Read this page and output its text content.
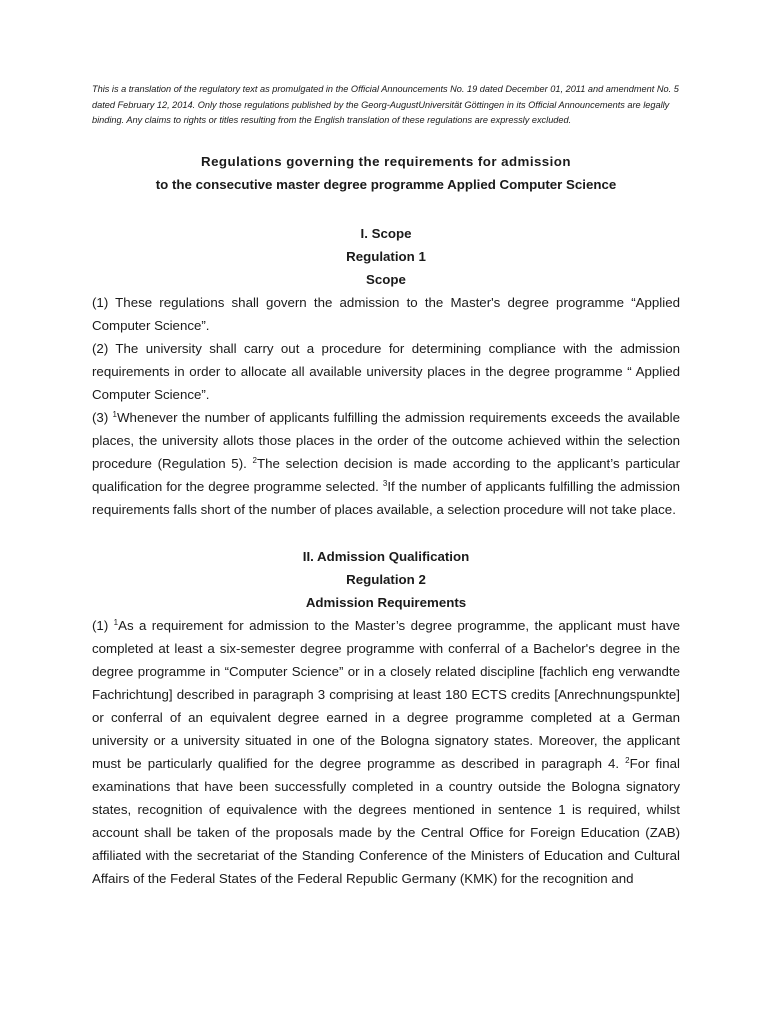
This is a translation of the regulatory text as promulgated in the Official Announcements No. 19 dated December 01, 2011 and amendment No. 5 dated February 12, 2014. Only those regulations published by the Georg-AugustUniversität Göttingen in its Official Announcements are legally binding. Any claims to rights or titles resulting from the English translation of these regulations are expressly excluded.

Regulations governing the requirements for admission

to the consecutive master degree programme Applied Computer Science

I. Scope

Regulation 1

Scope

(1) These regulations shall govern the admission to the Master's degree programme “Applied Computer Science”.

(2) The university shall carry out a procedure for determining compliance with the admission requirements in order to allocate all available university places in the degree programme “ Applied Computer Science”.

(3) $^1$Whenever the number of applicants fulfilling the admission requirements exceeds the available places, the university allots those places in the order of the outcome achieved within the selection procedure (Regulation 5). $^2$The selection decision is made according to the applicant’s particular qualification for the degree programme selected. $^3$If the number of applicants fulfilling the admission requirements falls short of the number of places available, a selection procedure will not take place.

II. Admission Qualification

Regulation 2

Admission Requirements

(1) $^1$As a requirement for admission to the Master’s degree programme, the applicant must have completed at least a six-semester degree programme with conferral of a Bachelor's degree in the degree programme in “Computer Science” or in a closely related discipline [fachlich eng verwandte Fachrichtung] described in paragraph 3 comprising at least 180 ECTS credits [Anrechnungspunkte] or conferral of an equivalent degree earned in a degree programme completed at a German university or a university situated in one of the Bologna signatory states. Moreover, the applicant must be particularly qualified for the degree programme as described in paragraph 4. $^2$For final examinations that have been successfully completed in a country outside the Bologna signatory states, recognition of equivalence with the degrees mentioned in sentence 1 is required, whilst account shall be taken of the proposals made by the Central Office for Foreign Education (ZAB) affiliated with the secretariat of the Standing Conference of the Ministers of Education and Cultural Affairs of the Federal States of the Federal Republic Germany (KMK) for the recognition and
